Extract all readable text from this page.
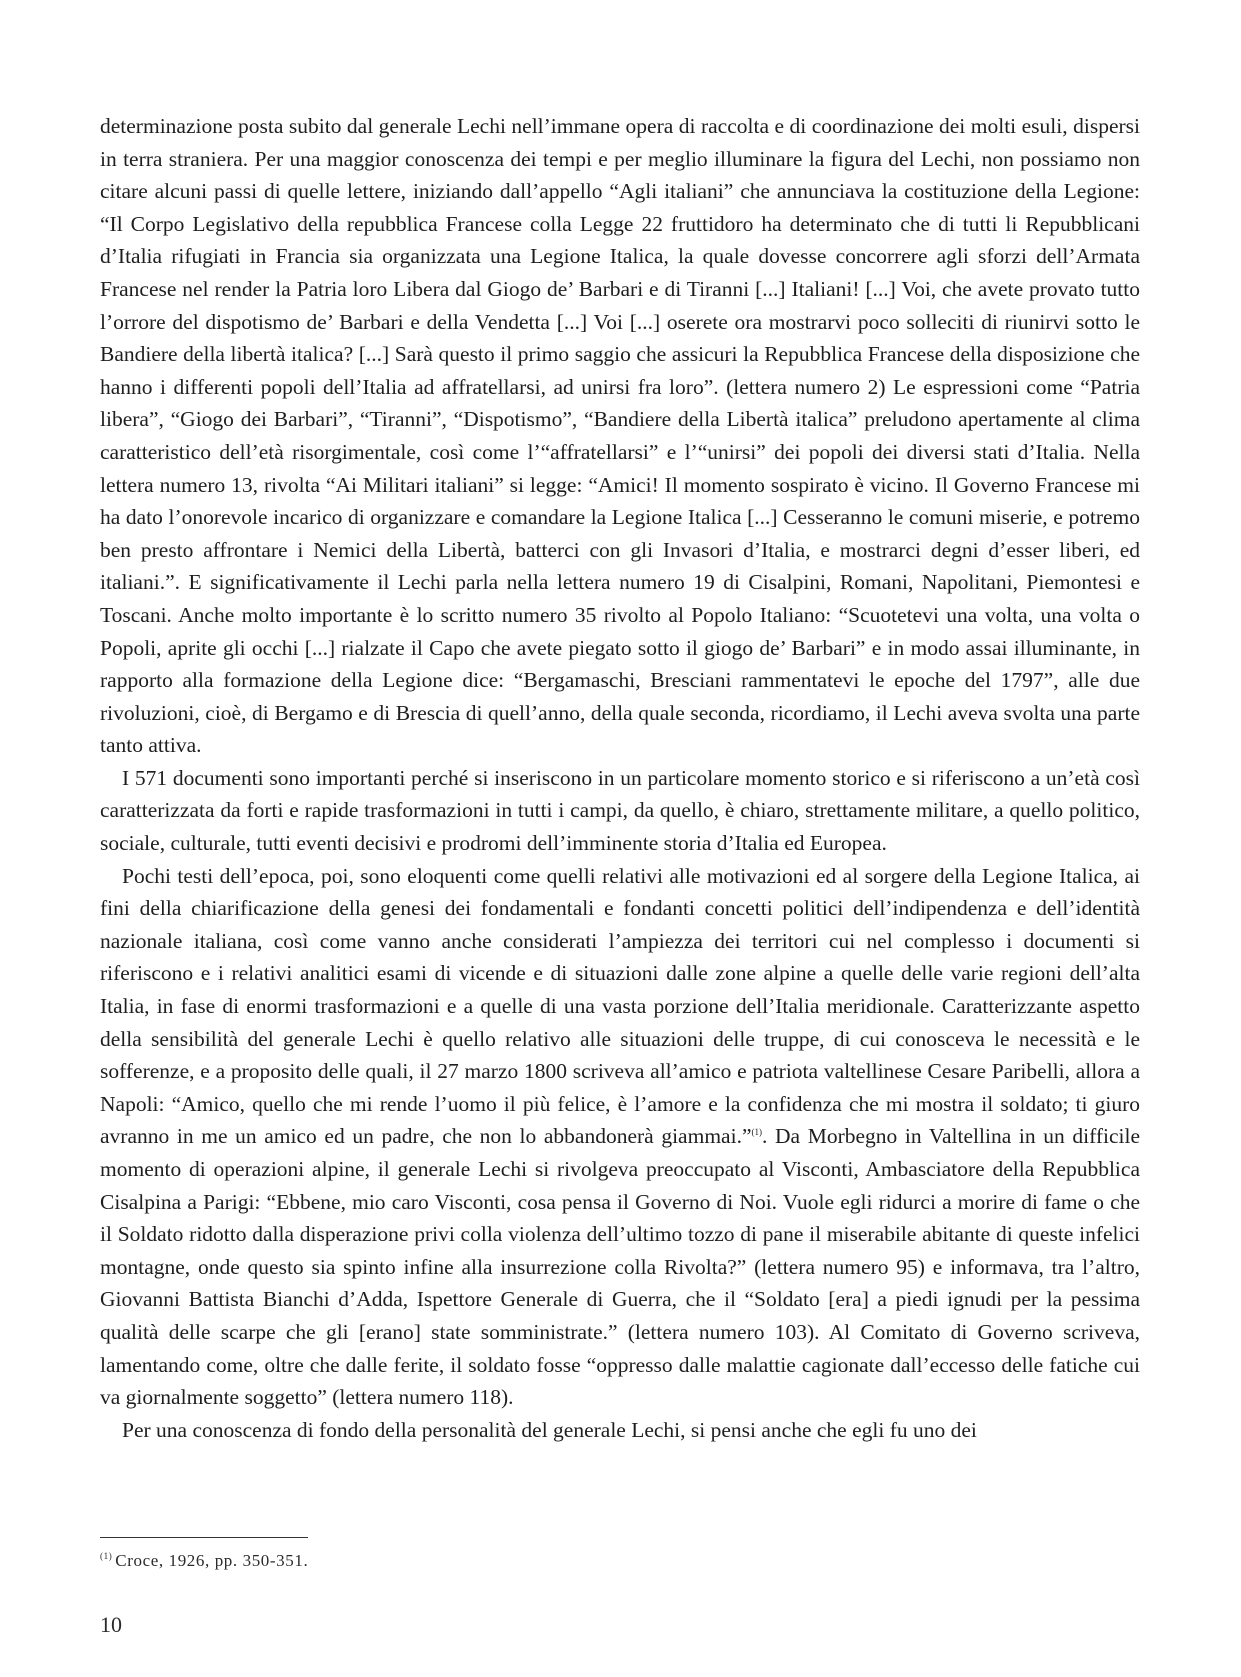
determinazione posta subito dal generale Lechi nell’immane opera di raccolta e di coordinazione dei molti esuli, dispersi in terra straniera. Per una maggior conoscenza dei tempi e per meglio illuminare la figura del Lechi, non possiamo non citare alcuni passi di quelle lettere, iniziando dall’appello “Agli italiani” che annunciava la costituzione della Legione: “Il Corpo Legislativo della repubblica Francese colla Legge 22 fruttidoro ha determinato che di tutti li Repubblicani d’Italia rifugiati in Francia sia organizzata una Legione Italica, la quale dovesse concorrere agli sforzi dell’Armata Francese nel render la Patria loro Libera dal Giogo de’ Barbari e di Tiranni [...] Italiani! [...] Voi, che avete provato tutto l’orrore del dispotismo de’ Barbari e della Vendetta [...] Voi [...] oserete ora mostrarvi poco solleciti di riunirvi sotto le Bandiere della libertà italica? [...] Sarà questo il primo saggio che assicuri la Repubblica Francese della disposizione che hanno i differenti popoli dell’Italia ad affratellarsi, ad unirsi fra loro”. (lettera numero 2) Le espressioni come “Patria libera”, “Giogo dei Barbari”, “Tiranni”, “Dispotismo”, “Bandiere della Libertà italica” preludono apertamente al clima caratteristico dell’età risorgimentale, così come l’“affratellarsi” e l’“unirsi” dei popoli dei diversi stati d’Italia. Nella lettera numero 13, rivolta “Ai Militari italiani” si legge: “Amici! Il momento sospirato è vicino. Il Governo Francese mi ha dato l’onorevole incarico di organizzare e comandare la Legione Italica [...] Cesseranno le comuni miserie, e potremo ben presto affrontare i Nemici della Libertà, batterci con gli Invasori d’Italia, e mostrarci degni d’esser liberi, ed italiani.”. E significativamente il Lechi parla nella lettera numero 19 di Cisalpini, Romani, Napolitani, Piemontesi e Toscani. Anche molto importante è lo scritto numero 35 rivolto al Popolo Italiano: “Scuotetevi una volta, una volta o Popoli, aprite gli occhi [...] rialzate il Capo che avete piegato sotto il giogo de’ Barbari” e in modo assai illuminante, in rapporto alla formazione della Legione dice: “Bergamaschi, Bresciani rammentatevi le epoche del 1797”, alle due rivoluzioni, cioè, di Bergamo e di Brescia di quell’anno, della quale seconda, ricordiamo, il Lechi aveva svolta una parte tanto attiva.

I 571 documenti sono importanti perché si inseriscono in un particolare momento storico e si riferiscono a un’età così caratterizzata da forti e rapide trasformazioni in tutti i campi, da quello, è chiaro, strettamente militare, a quello politico, sociale, culturale, tutti eventi decisivi e prodromi dell’imminente storia d’Italia ed Europea.

Pochi testi dell’epoca, poi, sono eloquenti come quelli relativi alle motivazioni ed al sorgere della Legione Italica, ai fini della chiarificazione della genesi dei fondamentali e fondanti concetti politici dell’indipendenza e dell’identità nazionale italiana, così come vanno anche considerati l’ampiezza dei territori cui nel complesso i documenti si riferiscono e i relativi analitici esami di vicende e di situazioni dalle zone alpine a quelle delle varie regioni dell’alta Italia, in fase di enormi trasformazioni e a quelle di una vasta porzione dell’Italia meridionale. Caratterizzante aspetto della sensibilità del generale Lechi è quello relativo alle situazioni delle truppe, di cui conosceva le necessità e le sofferenze, e a proposito delle quali, il 27 marzo 1800 scriveva all’amico e patriota valtellinese Cesare Paribelli, allora a Napoli: “Amico, quello che mi rende l’uomo il più felice, è l’amore e la confidenza che mi mostra il soldato; ti giuro avranno in me un amico ed un padre, che non lo abbandonerà giammai.”$^{(1)}$. Da Morbegno in Valtellina in un difficile momento di operazioni alpine, il generale Lechi si rivolgeva preoccupato al Visconti, Ambasciatore della Repubblica Cisalpina a Parigi: “Ebbene, mio caro Visconti, cosa pensa il Governo di Noi. Vuole egli ridurci a morire di fame o che il Soldato ridotto dalla disperazione privi colla violenza dell’ultimo tozzo di pane il miserabile abitante di queste infelici montagne, onde questo sia spinto infine alla insurrezione colla Rivolta?” (lettera numero 95) e informava, tra l’altro, Giovanni Battista Bianchi d’Adda, Ispettore Generale di Guerra, che il “Soldato [era] a piedi ignudi per la pessima qualità delle scarpe che gli [erano] state somministrate.” (lettera numero 103). Al Comitato di Governo scriveva, lamentando come, oltre che dalle ferite, il soldato fosse “oppresso dalle malattie cagionate dall’eccesso delle fatiche cui va giornalmente soggetto” (lettera numero 118).

Per una conoscenza di fondo della personalità del generale Lechi, si pensi anche che egli fu uno dei

$^{(1)}$ Croce, 1926, pp. 350-351.
10
